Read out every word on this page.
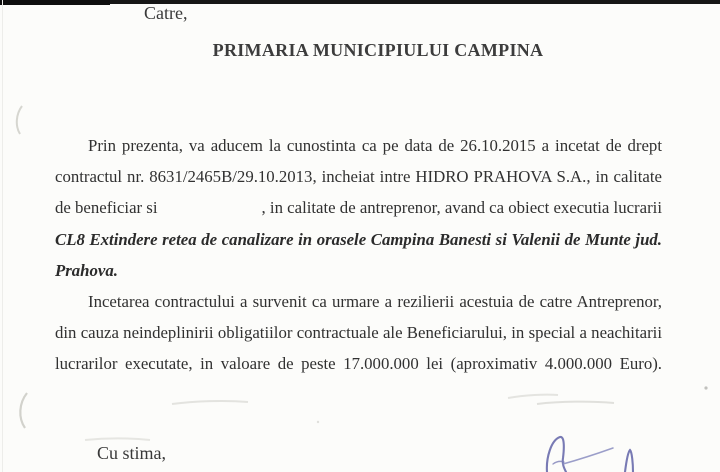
Catre,
PRIMARIA MUNICIPIULUI CAMPINA
Prin prezenta, va aducem la cunostinta ca pe data de 26.10.2015 a incetat de drept
contractul nr. 8631/2465B/29.10.2013, incheiat intre HIDRO PRAHOVA S.A., in calitate
de beneficiar si	, in calitate de antreprenor, avand ca obiect executia lucrarii
CL8 Extindere retea de canalizare in orasele Campina Banesti si Valenii de Munte jud.
Prahova.
Incetarea contractului a survenit ca urmare a rezilierii acestuia de catre Antreprenor,
din cauza neindeplinirii obligatiilor contractuale ale Beneficiarului, in special a neachitarii
lucrarilor executate, in valoare de peste 17.000.000 lei (aproximativ 4.000.000 Euro).
Cu stima,
